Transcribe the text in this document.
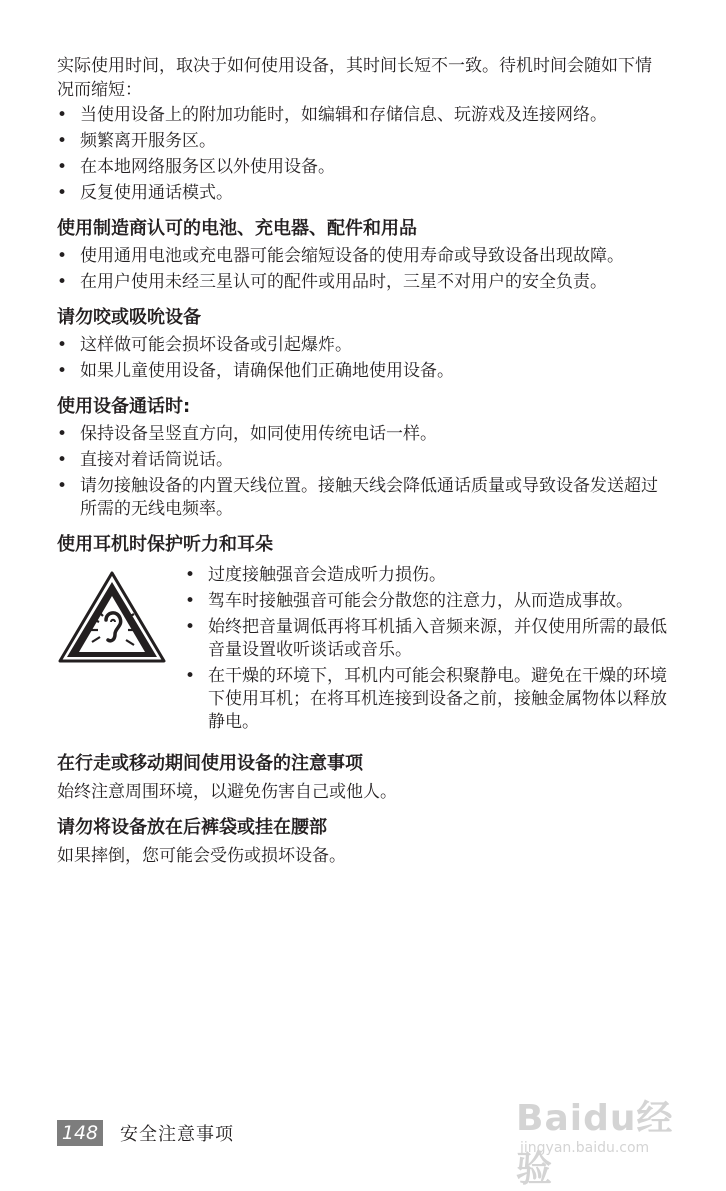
实际使用时间，取决于如何使用设备，其时间长短不一致。待机时间会随如下情况而缩短：

• 当使用设备上的附加功能时，如编辑和存储信息、玩游戏及连接网络。
• 频繁离开服务区。
• 在本地网络服务区以外使用设备。
• 反复使用通话模式。
使用制造商认可的电池、充电器、配件和用品
• 使用通用电池或充电器可能会缩短设备的使用寿命或导致设备出现故障。
• 在用户使用未经三星认可的配件或用品时，三星不对用户的安全负责。
请勿咬或吸吮设备
• 这样做可能会损坏设备或引起爆炸。
• 如果儿童使用设备，请确保他们正确地使用设备。
使用设备通话时:
• 保持设备呈竖直方向，如同使用传统电话一样。
• 直接对着话筒说话。
• 请勿接触设备的内置天线位置。接触天线会降低通话质量或导致设备发送超过所需的无线电频率。
使用耳机时保护听力和耳朵
• 过度接触强音会造成听力损伤。
• 驾车时接触强音可能会分散您的注意力，从而造成事故。
• 始终把音量调低再将耳机插入音频来源，并仅使用所需的最低音量设置收听谈话或音乐。
• 在干燥的环境下，耳机内可能会积聚静电。避免在干燥的环境下使用耳机；在将耳机连接到设备之前，接触金属物体以释放静电。
在行走或移动期间使用设备的注意事项

始终注意周围环境，以避免伤害自己或他人。

请勿将设备放在后裤袋或挂在腰部

如果摔倒，您可能会受伤或损坏设备。

Baidu经验
jingyan.baidu.com
148 安全注意事项
